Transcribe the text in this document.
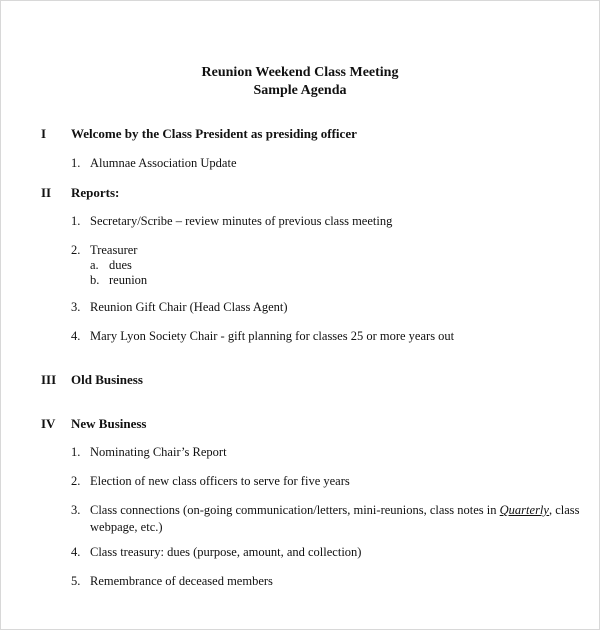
Reunion Weekend Class Meeting
Sample Agenda
I Welcome by the Class President as presiding officer
1. Alumnae Association Update
II Reports:
1. Secretary/Scribe – review minutes of previous class meeting
2. Treasurer
a. dues
b. reunion
3. Reunion Gift Chair (Head Class Agent)
4. Mary Lyon Society Chair - gift planning for classes 25 or more years out
III Old Business
IV New Business
1. Nominating Chair’s Report
2. Election of new class officers to serve for five years
3. Class connections (on-going communication/letters, mini-reunions, class notes in Quarterly, class webpage, etc.)
4. Class treasury: dues (purpose, amount, and collection)
5. Remembrance of deceased members
